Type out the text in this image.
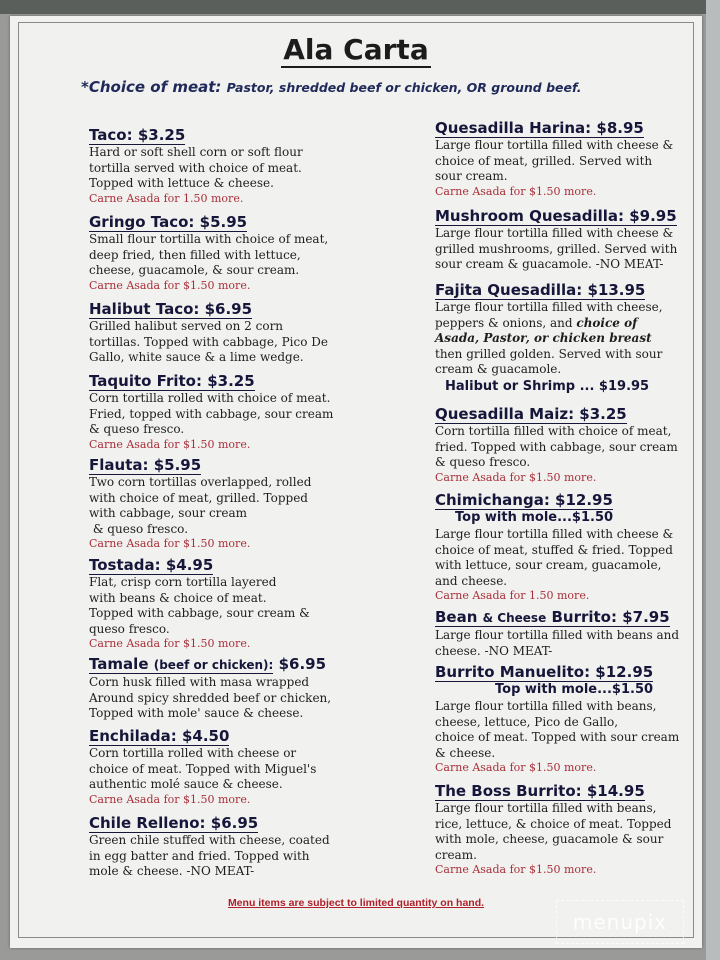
Ala Carta
*Choice of meat: Pastor, shredded beef or chicken, OR ground beef.
Taco: $3.25
Hard or soft shell corn or soft flour
tortilla served with choice of meat.
Topped with lettuce & cheese.
Carne Asada for 1.50 more.
Gringo Taco: $5.95
Small flour tortilla with choice of meat,
deep fried, then filled with lettuce,
cheese, guacamole, & sour cream.
Carne Asada for $1.50 more.
Halibut Taco: $6.95
Grilled halibut served on 2 corn
tortillas. Topped with cabbage, Pico De
Gallo, white sauce & a lime wedge.
Taquito Frito: $3.25
Corn tortilla rolled with choice of meat.
Fried, topped with cabbage, sour cream
& queso fresco.
Carne Asada for $1.50 more.
Flauta: $5.95
Two corn tortillas overlapped, rolled
with choice of meat, grilled. Topped
with cabbage, sour cream
& queso fresco.
Carne Asada for $1.50 more.
Tostada: $4.95
Flat, crisp corn tortilla layered
with beans & choice of meat.
Topped with cabbage, sour cream &
queso fresco.
Carne Asada for $1.50 more.
Tamale (beef or chicken): $6.95
Corn husk filled with masa wrapped
Around spicy shredded beef or chicken,
Topped with mole' sauce & cheese.
Enchilada: $4.50
Corn tortilla rolled with cheese or
choice of meat. Topped with Miguel's
authentic molé sauce & cheese.
Carne Asada for $1.50 more.
Chile Relleno: $6.95
Green chile stuffed with cheese, coated
in egg batter and fried. Topped with
mole & cheese. -NO MEAT-
Quesadilla Harina: $8.95
Large flour tortilla filled with cheese &
choice of meat, grilled. Served with
sour cream.
Carne Asada for $1.50 more.
Mushroom Quesadilla: $9.95
Large flour tortilla filled with cheese &
grilled mushrooms, grilled. Served with
sour cream & guacamole. -NO MEAT-
Fajita Quesadilla: $13.95
Large flour tortilla filled with cheese,
peppers & onions, and choice of
Asada, Pastor, or chicken breast
then grilled golden. Served with sour
cream & guacamole.
Halibut or Shrimp ... $19.95
Quesadilla Maiz: $3.25
Corn tortilla filled with choice of meat,
fried. Topped with cabbage, sour cream
& queso fresco.
Carne Asada for $1.50 more.
Chimichanga: $12.95
Top with mole...$1.50
Large flour tortilla filled with cheese &
choice of meat, stuffed & fried. Topped
with lettuce, sour cream, guacamole,
and cheese.
Carne Asada for 1.50 more.
Bean & Cheese Burrito: $7.95
Large flour tortilla filled with beans and
cheese. -NO MEAT-
Burrito Manuelito: $12.95
Top with mole...$1.50
Large flour tortilla filled with beans,
cheese, lettuce, Pico de Gallo,
choice of meat. Topped with sour cream
& cheese.
Carne Asada for $1.50 more.
The Boss Burrito: $14.95
Large flour tortilla filled with beans,
rice, lettuce, & choice of meat. Topped
with mole, cheese, guacamole & sour
cream.
Carne Asada for $1.50 more.
Menu items are subject to limited quantity on hand.
menupix
